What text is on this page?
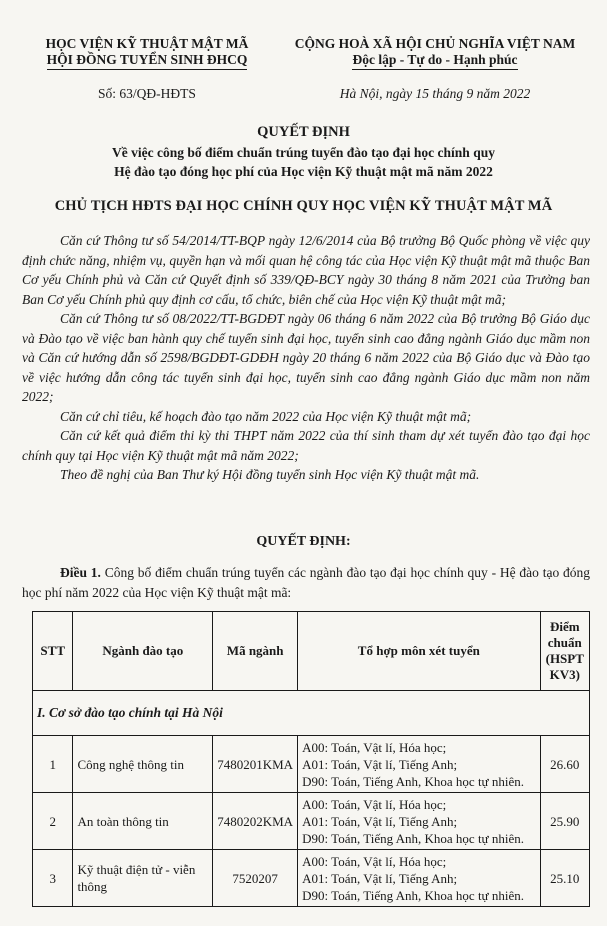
HỌC VIỆN KỸ THUẬT MẬT MÃ
HỘI ĐỒNG TUYỂN SINH ĐHCQ
CỘNG HOÀ XÃ HỘI CHỦ NGHĨA VIỆT NAM
Độc lập - Tự do - Hạnh phúc
Số: 63/QĐ-HĐTS	Hà Nội, ngày 15 tháng 9 năm 2022
QUYẾT ĐỊNH
Về việc công bố điểm chuẩn trúng tuyển đào tạo đại học chính quy
Hệ đào tạo đóng học phí của Học viện Kỹ thuật mật mã năm 2022
CHỦ TỊCH HĐTS ĐẠI HỌC CHÍNH QUY HỌC VIỆN KỸ THUẬT MẬT MÃ

Căn cứ Thông tư số 54/2014/TT-BQP ngày 12/6/2014 của Bộ trưởng Bộ Quốc phòng về việc quy định chức năng, nhiệm vụ, quyền hạn và mối quan hệ công tác của Học viện Kỹ thuật mật mã thuộc Ban Cơ yếu Chính phủ và Căn cứ Quyết định số 339/QĐ-BCY ngày 30 tháng 8 năm 2021 của Trưởng ban Ban Cơ yếu Chính phủ quy định cơ cấu, tổ chức, biên chế của Học viện Kỹ thuật mật mã;

Căn cứ Thông tư số 08/2022/TT-BGDĐT ngày 06 tháng 6 năm 2022 của Bộ trưởng Bộ Giáo dục và Đào tạo về việc ban hành quy chế tuyển sinh đại học, tuyển sinh cao đẳng ngành Giáo dục mầm non và Căn cứ hướng dẫn số 2598/BGDĐT-GDĐH ngày 20 tháng 6 năm 2022 của Bộ Giáo dục và Đào tạo về việc hướng dẫn công tác tuyển sinh đại học, tuyển sinh cao đẳng ngành Giáo dục mầm non năm 2022;

Căn cứ chỉ tiêu, kế hoạch đào tạo năm 2022 của Học viện Kỹ thuật mật mã;

Căn cứ kết quả điểm thi kỳ thi THPT năm 2022 của thí sinh tham dự xét tuyển đào tạo đại học chính quy tại Học viện Kỹ thuật mật mã năm 2022;

Theo đề nghị của Ban Thư ký Hội đồng tuyển sinh Học viện Kỹ thuật mật mã.

QUYẾT ĐỊNH:

Điều 1. Công bố điểm chuẩn trúng tuyển các ngành đào tạo đại học chính quy - Hệ đào tạo đóng học phí năm 2022 của Học viện Kỹ thuật mật mã:

STT	Ngành đào tạo	Mã ngành	Tổ hợp môn xét tuyển	Điểm chuẩn (HSPT KV3)
I. Cơ sở đào tạo chính tại Hà Nội				
1	Công nghệ thông tin	7480201KMA	A00: Toán, Vật lí, Hóa học;
A01: Toán, Vật lí, Tiếng Anh;
D90: Toán, Tiếng Anh, Khoa học tự nhiên.	26.60
2	An toàn thông tin	7480202KMA	A00: Toán, Vật lí, Hóa học;
A01: Toán, Vật lí, Tiếng Anh;
D90: Toán, Tiếng Anh, Khoa học tự nhiên.	25.90
3	Kỹ thuật điện tử - viễn thông	7520207	A00: Toán, Vật lí, Hóa học;
A01: Toán, Vật lí, Tiếng Anh;
D90: Toán, Tiếng Anh, Khoa học tự nhiên.	25.10
